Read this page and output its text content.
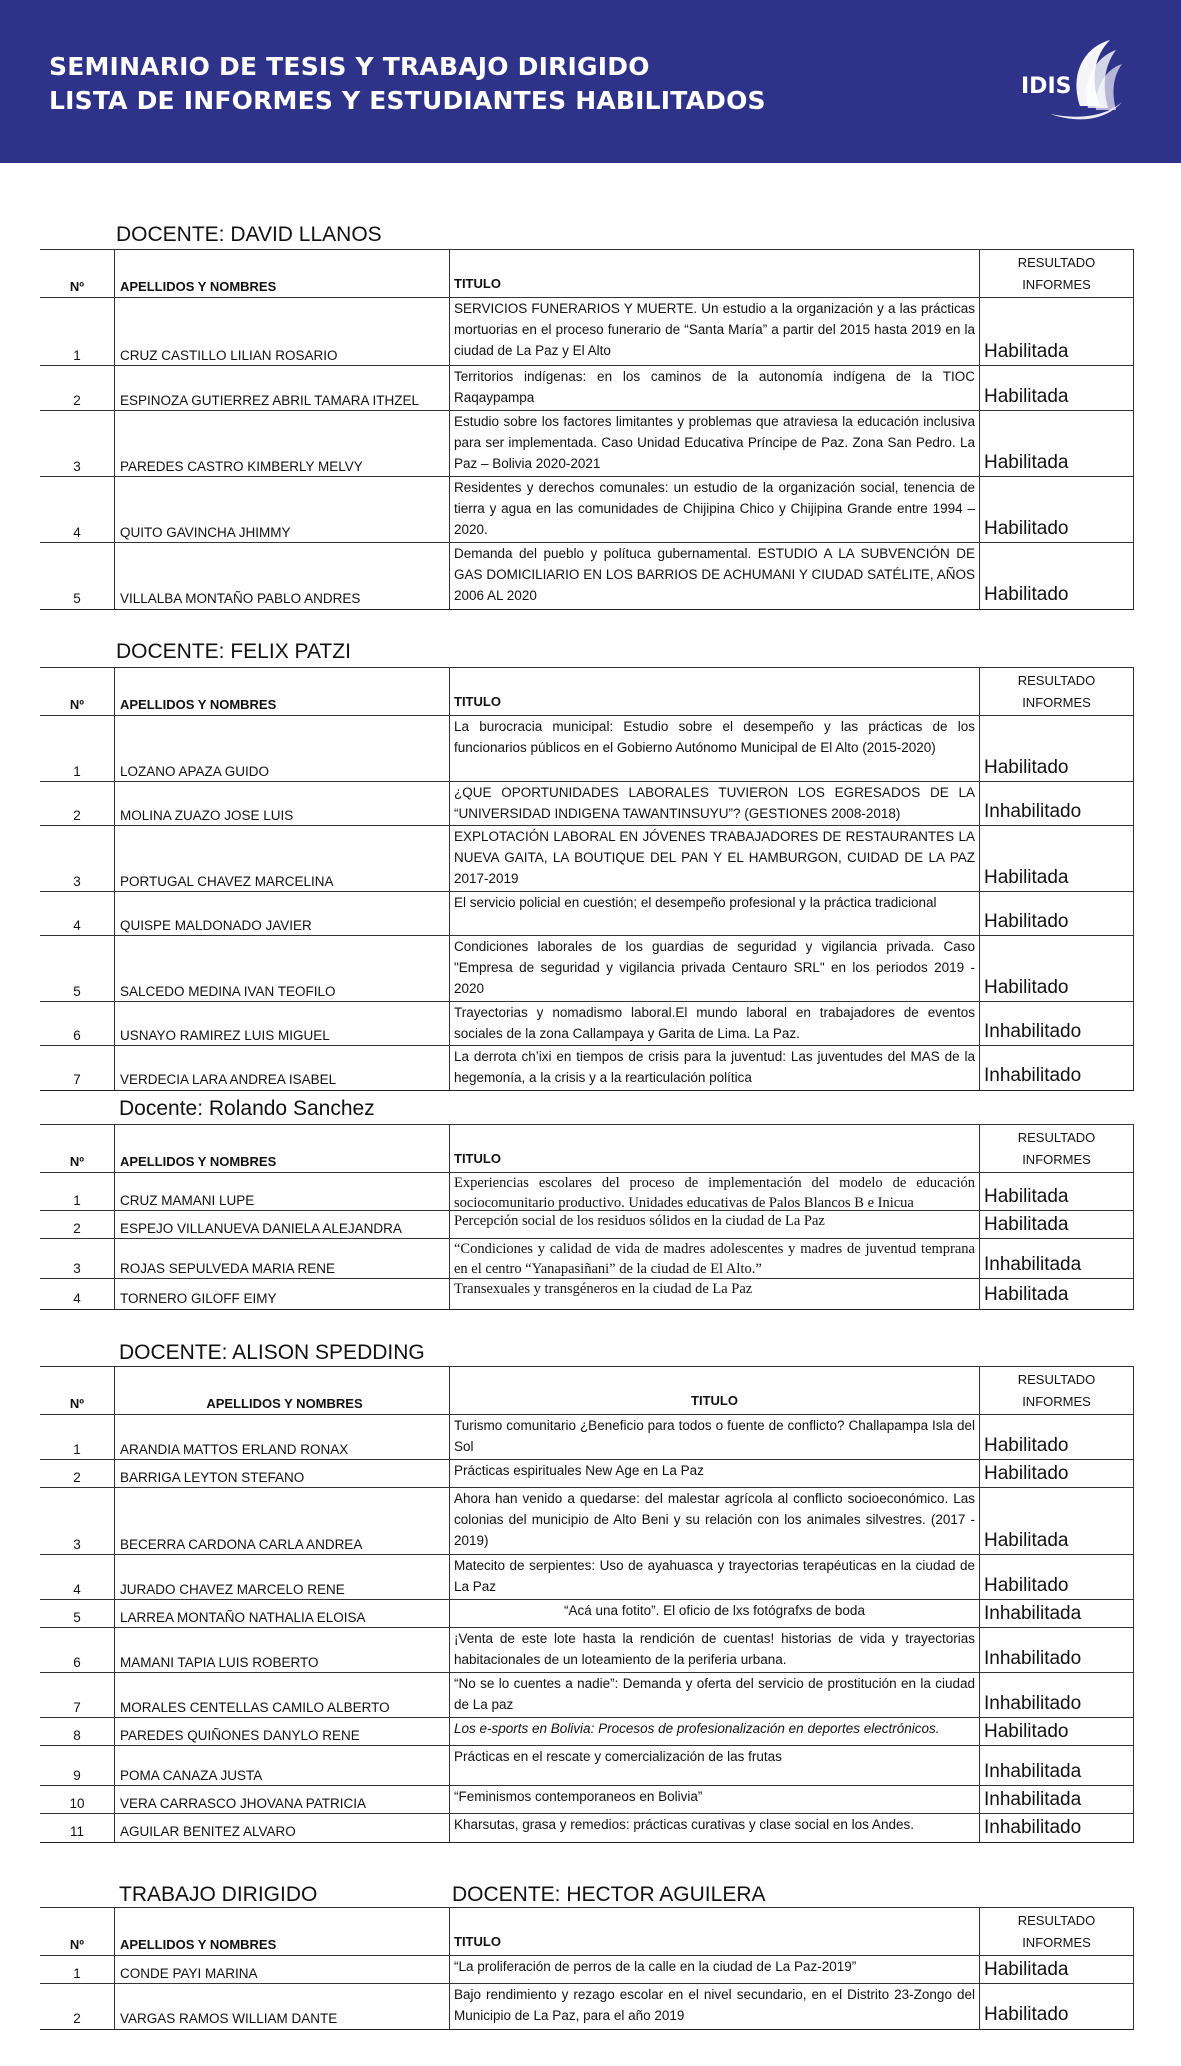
SEMINARIO DE TESIS Y TRABAJO DIRIGIDO
LISTA DE INFORMES Y ESTUDIANTES HABILITADOS	IDIS
DOCENTE: DAVID LLANOS
Nº	APELLIDOS Y NOMBRES	TITULO
RESULTADO
INFORMES
1	CRUZ CASTILLO LILIAN ROSARIO
SERVICIOS FUNERARIOS Y MUERTE. Un estudio a la organización y a las prácticas mortuorias en el proceso funerario de “Santa María” a partir del 2015 hasta 2019 en la ciudad de La Paz y El Alto	Habilitada
2	ESPINOZA GUTIERREZ ABRIL TAMARA ITHZEL
Territorios indígenas: en los caminos de la autonomía indígena de la TIOC Raqaypampa	Habilitada
3	PAREDES CASTRO KIMBERLY MELVY
Estudio sobre los factores limitantes y problemas que atraviesa la educación inclusiva para ser implementada. Caso Unidad Educativa Príncipe de Paz. Zona San Pedro. La Paz – Bolivia 2020-2021	Habilitada
4	QUITO GAVINCHA JHIMMY
Residentes y derechos comunales: un estudio de la organización social, tenencia de tierra y agua en las comunidades de Chijipina Chico y Chijipina Grande entre 1994 – 2020.	Habilitado
5	VILLALBA MONTAÑO PABLO ANDRES
Demanda del pueblo y polítuca gubernamental. ESTUDIO A LA SUBVENCIÓN DE GAS DOMICILIARIO EN LOS BARRIOS DE ACHUMANI Y CIUDAD SATÉLITE, AÑOS 2006 AL 2020	Habilitado
DOCENTE: FELIX PATZI
Nº	APELLIDOS Y NOMBRES	TITULO
RESULTADO
INFORMES
1	LOZANO APAZA GUIDO
La burocracia municipal: Estudio sobre el desempeño y las prácticas de los funcionarios públicos en el Gobierno Autónomo Municipal de El Alto (2015-2020)
Habilitado
2	MOLINA ZUAZO JOSE LUIS
¿QUE OPORTUNIDADES LABORALES TUVIERON LOS EGRESADOS DE LA “UNIVERSIDAD INDIGENA TAWANTINSUYU”? (GESTIONES 2008-2018)	Inhabilitado
3	PORTUGAL CHAVEZ MARCELINA
EXPLOTACIÓN LABORAL EN JÓVENES TRABAJADORES DE RESTAURANTES LA NUEVA GAITA, LA BOUTIQUE DEL PAN Y EL HAMBURGON, CUIDAD DE LA PAZ 2017-2019	Habilitada
4	QUISPE MALDONADO JAVIER
El servicio policial en cuestión; el desempeño profesional y la práctica tradicional
Habilitado
5	SALCEDO MEDINA IVAN TEOFILO
Condiciones laborales de los guardias de seguridad y vigilancia privada. Caso "Empresa de seguridad y vigilancia privada Centauro SRL" en los periodos 2019 - 2020	Habilitado
6	USNAYO RAMIREZ LUIS MIGUEL
Trayectorias y nomadismo laboral.El mundo laboral en trabajadores de eventos sociales de la zona Callampaya y Garita de Lima. La Paz.	Inhabilitado
7	VERDECIA LARA ANDREA ISABEL
La derrota ch’ixi en tiempos de crisis para la juventud: Las juventudes del MAS de la hegemonía, a la crisis y a la rearticulación política	Inhabilitado
Docente: Rolando Sanchez
Nº	APELLIDOS Y NOMBRES	TITULO
RESULTADO
INFORMES
1	CRUZ MAMANI LUPE
Experiencias escolares del proceso de implementación del modelo de educación sociocomunitario productivo. Unidades educativas de Palos Blancos B e Inicua	Habilitada
2	ESPEJO VILLANUEVA DANIELA ALEJANDRA	Percepción social de los residuos sólidos en la ciudad de La Paz	Habilitada
3	ROJAS SEPULVEDA MARIA RENE
“Condiciones y calidad de vida de madres adolescentes y madres de juventud temprana en el centro “Yanapasiñani” de la ciudad de El Alto.”	Inhabilitada
4	TORNERO GILOFF EIMY
Transexuales y transgéneros en la ciudad de La Paz	Habilitada
DOCENTE: ALISON SPEDDING
Nº	APELLIDOS Y NOMBRES	TITULO
RESULTADO
INFORMES
1	ARANDIA MATTOS ERLAND RONAX
Turismo comunitario ¿Beneficio para todos o fuente de conflicto? Challapampa Isla del Sol	Habilitado
2	BARRIGA LEYTON STEFANO	Prácticas espirituales New Age en La Paz	Habilitado
3	BECERRA CARDONA CARLA ANDREA
Ahora han venido a quedarse: del malestar agrícola al conflicto socioeconómico. Las colonias del municipio de Alto Beni y su relación con los animales silvestres. (2017 - 2019)	Habilitada
4	JURADO CHAVEZ MARCELO RENE
Matecito de serpientes: Uso de ayahuasca y trayectorias terapéuticas en la ciudad de La Paz	Habilitado
5	LARREA MONTAÑO NATHALIA ELOISA	“Acá una fotito”. El oficio de lxs fotógrafxs de boda	Inhabilitada
6	MAMANI TAPIA LUIS ROBERTO
¡Venta de este lote hasta la rendición de cuentas! historias de vida y trayectorias habitacionales de un loteamiento de la periferia urbana.	Inhabilitado
7	MORALES CENTELLAS CAMILO ALBERTO
“No se lo cuentes a nadie”: Demanda y oferta del servicio de prostitución en la ciudad de La paz	Inhabilitado
8	PAREDES QUIÑONES DANYLO RENE	Los e-sports en Bolivia: Procesos de profesionalización en deportes electrónicos.	Habilitado
9	POMA CANAZA JUSTA
Prácticas en el rescate y comercialización de las frutas
Inhabilitada
10	VERA CARRASCO JHOVANA PATRICIA	“Feminismos contemporaneos en Bolivia”	Inhabilitada
11	AGUILAR BENITEZ ALVARO	Kharsutas, grasa y remedios: prácticas curativas y clase social en los Andes.	Inhabilitado
TRABAJO DIRIGIDO	DOCENTE: HECTOR AGUILERA
Nº	APELLIDOS Y NOMBRES	TITULO
RESULTADO
INFORMES
1	CONDE PAYI MARINA	“La proliferación de perros de la calle en la ciudad de La Paz-2019”	Habilitada
2	VARGAS RAMOS WILLIAM DANTE
Bajo rendimiento y rezago escolar en el nivel secundario, en el Distrito 23-Zongo del Municipio de La Paz, para el año 2019	Habilitado
